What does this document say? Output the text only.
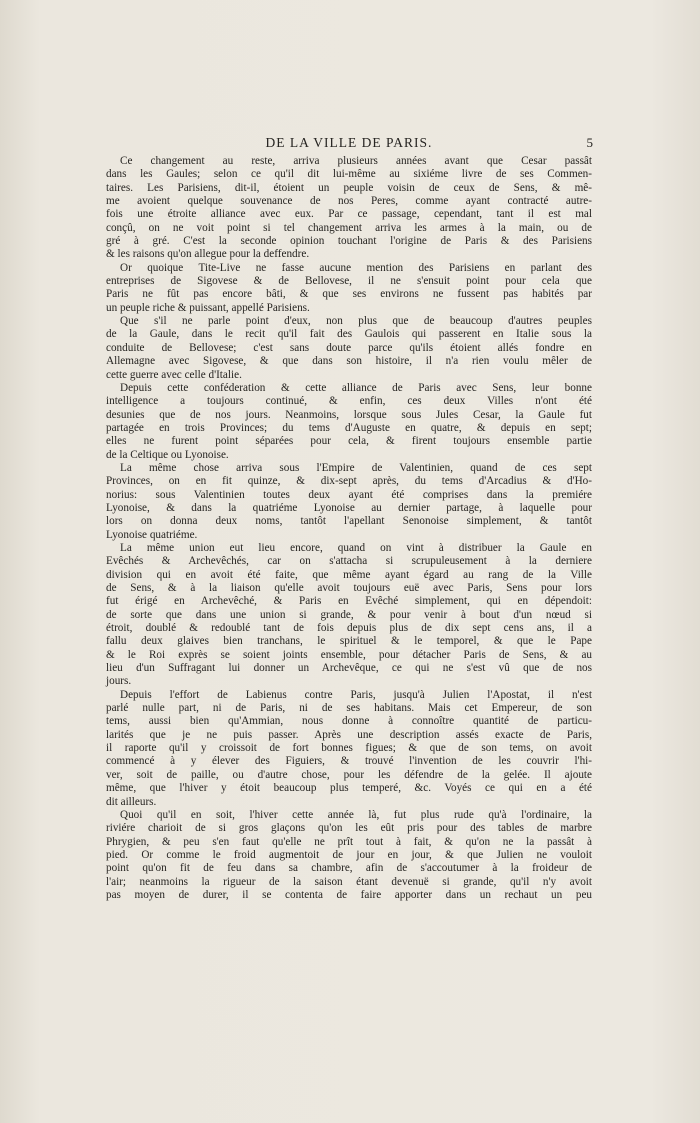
DE LA VILLE DE PARIS.	5
Ce changement au reste, arriva plusieurs années avant que Cesar passât
dans les Gaules; selon ce qu'il dit lui-même au sixiéme livre de ses Commen-
taires. Les Parisiens, dit-il, étoient un peuple voisin de ceux de Sens, & mê-
me avoient quelque souvenance de nos Peres, comme ayant contracté autre-
fois une étroite alliance avec eux. Par ce passage, cependant, tant il est mal
conçû, on ne voit point si tel changement arriva les armes à la main, ou de
gré à gré. C'est la seconde opinion touchant l'origine de Paris & des Parisiens
& les raisons qu'on allegue pour la deffendre.
Or quoique Tite-Live ne fasse aucune mention des Parisiens en parlant des
entreprises de Sigovese & de Bellovese, il ne s'ensuit point pour cela que
Paris ne fût pas encore bâti, & que ses environs ne fussent pas habités par
un peuple riche & puissant, appellé Parisiens.
Que s'il ne parle point d'eux, non plus que de beaucoup d'autres peuples
de la Gaule, dans le recit qu'il fait des Gaulois qui passerent en Italie sous la
conduite de Bellovese; c'est sans doute parce qu'ils étoient allés fondre en
Allemagne avec Sigovese, & que dans son histoire, il n'a rien voulu mêler de
cette guerre avec celle d'Italie.
Depuis cette conféderation & cette alliance de Paris avec Sens, leur bonne
intelligence a toujours continué, & enfin, ces deux Villes n'ont été
desunies que de nos jours. Neanmoins, lorsque sous Jules Cesar, la Gaule fut
partagée en trois Provinces; du tems d'Auguste en quatre, & depuis en sept;
elles ne furent point séparées pour cela, & firent toujours ensemble partie
de la Celtique ou Lyonoise.
La même chose arriva sous l'Empire de Valentinien, quand de ces sept
Provinces, on en fit quinze, & dix-sept après, du tems d'Arcadius & d'Ho-
norius: sous Valentinien toutes deux ayant été comprises dans la premiére
Lyonoise, & dans la quatriéme Lyonoise au dernier partage, à laquelle pour
lors on donna deux noms, tantôt l'apellant Senonoise simplement, & tantôt
Lyonoise quatriéme.
La même union eut lieu encore, quand on vint à distribuer la Gaule en
Evêchés & Archevêchés, car on s'attacha si scrupuleusement à la derniere
division qui en avoit été faite, que même ayant égard au rang de la Ville
de Sens, & à la liaison qu'elle avoit toujours euë avec Paris, Sens pour lors
fut érigé en Archevêché, & Paris en Evêché simplement, qui en dépendoit:
de sorte que dans une union si grande, & pour venir à bout d'un nœud si
étroit, doublé & redoublé tant de fois depuis plus de dix sept cens ans, il a
fallu deux glaives bien tranchans, le spirituel & le temporel, & que le Pape
& le Roi exprès se soient joints ensemble, pour détacher Paris de Sens, & au
lieu d'un Suffragant lui donner un Archevêque, ce qui ne s'est vû que de nos
jours.
Depuis l'effort de Labienus contre Paris, jusqu'à Julien l'Apostat, il n'est
parlé nulle part, ni de Paris, ni de ses habitans. Mais cet Empereur, de son
tems, aussi bien qu'Ammian, nous donne à connoître quantité de particu-
larités que je ne puis passer. Après une description assés exacte de Paris,
il raporte qu'il y croissoit de fort bonnes figues; & que de son tems, on avoit
commencé à y élever des Figuiers, & trouvé l'invention de les couvrir l'hi-
ver, soit de paille, ou d'autre chose, pour les défendre de la gelée. Il ajoute
même, que l'hiver y étoit beaucoup plus temperé, &c. Voyés ce qui en a été
dit ailleurs.
Quoi qu'il en soit, l'hiver cette année là, fut plus rude qu'à l'ordinaire, la
riviére charioit de si gros glaçons qu'on les eût pris pour des tables de marbre
Phrygien, & peu s'en faut qu'elle ne prît tout à fait, & qu'on ne la passât à
pied. Or comme le froid augmentoit de jour en jour, & que Julien ne vouloit
point qu'on fit de feu dans sa chambre, afin de s'accoutumer à la froideur de
l'air; neanmoins la rigueur de la saison étant devenuë si grande, qu'il n'y avoit
pas moyen de durer, il se contenta de faire apporter dans un rechaut un peu
